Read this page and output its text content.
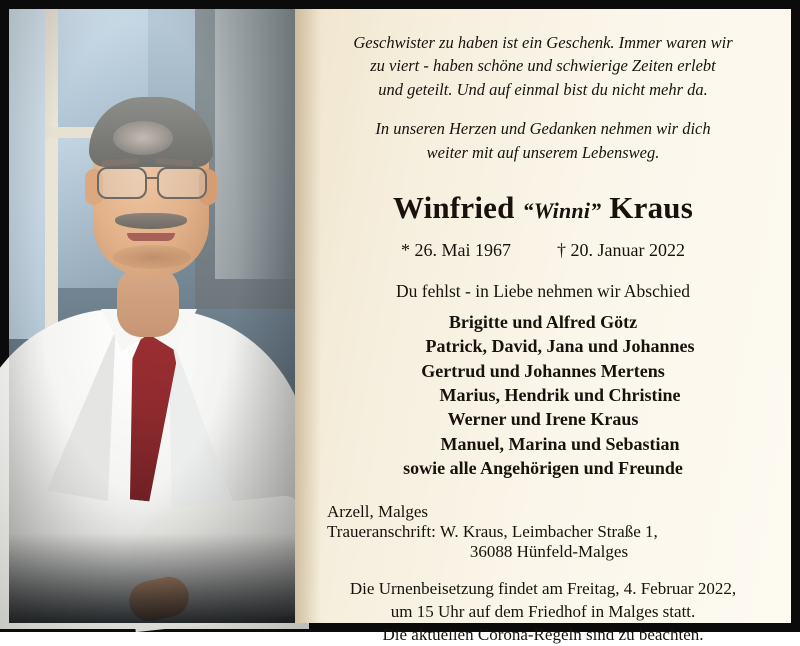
Geschwister zu haben ist ein Geschenk. Immer waren wir
zu viert - haben schöne und schwierige Zeiten erlebt
und geteilt. Und auf einmal bist du nicht mehr da.
In unseren Herzen und Gedanken nehmen wir dich
weiter mit auf unserem Lebensweg.
Winfried “Winni” Kraus
* 26. Mai 1967	† 20. Januar 2022
Du fehlst - in Liebe nehmen wir Abschied
Brigitte und Alfred Götz
Patrick, David, Jana und Johannes
Gertrud und Johannes Mertens
Marius, Hendrik und Christine
Werner und Irene Kraus
Manuel, Marina und Sebastian
sowie alle Angehörigen und Freunde
Arzell, Malges
Traueranschrift: W. Kraus, Leimbacher Straße 1,
36088 Hünfeld-Malges
Die Urnenbeisetzung findet am Freitag, 4. Februar 2022,
um 15 Uhr auf dem Friedhof in Malges statt.
Die aktuellen Corona-Regeln sind zu beachten.
